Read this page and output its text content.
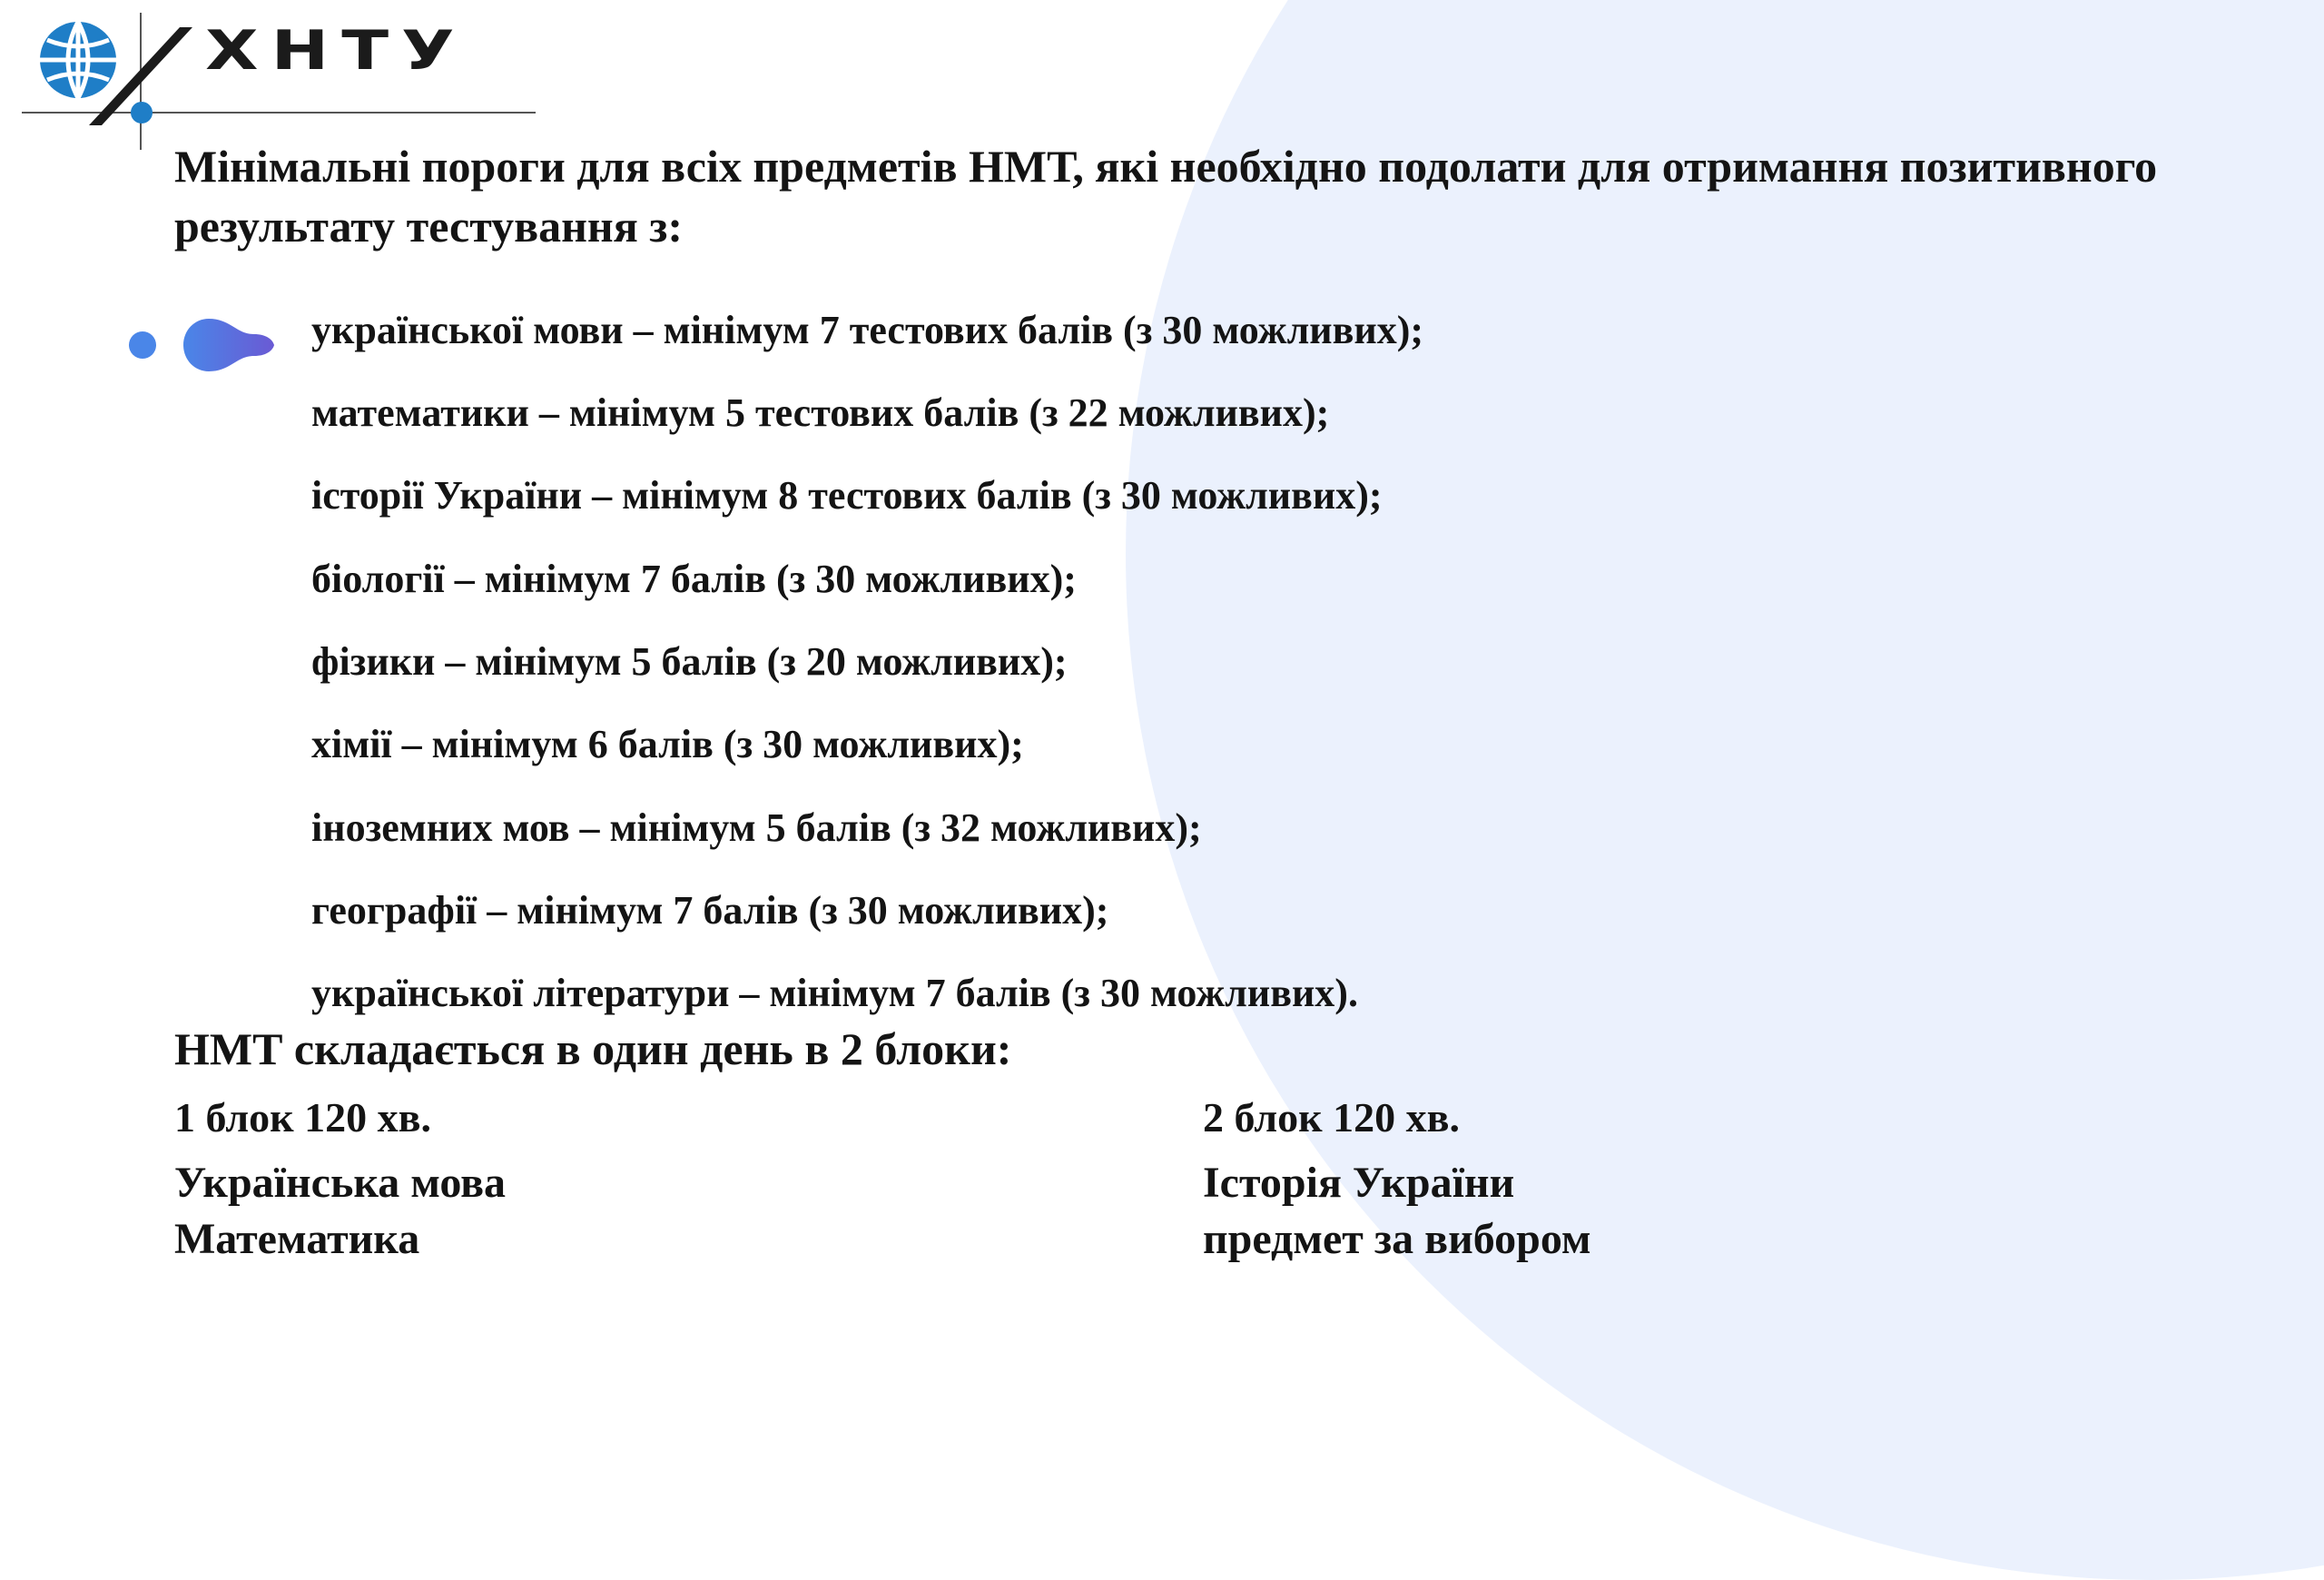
ХНТУ
Мінімальні пороги для всіх предметів НМТ, які необхідно подолати для отримання позитивного результату тестування з:
української мови – мінімум 7 тестових балів (з 30 можливих);
математики – мінімум 5 тестових балів (з 22 можливих);
історії України – мінімум 8 тестових балів (з 30 можливих);
біології – мінімум 7 балів (з 30 можливих);
фізики – мінімум 5 балів (з 20 можливих);
хімії – мінімум 6 балів (з 30 можливих);
іноземних мов – мінімум 5 балів (з 32 можливих);
географії – мінімум 7 балів (з 30 можливих);
української літератури – мінімум 7 балів (з 30 можливих).
НМТ складається в один день в 2 блоки:
1 блок 120 хв.
Українська мова
Математика
2 блок 120 хв.
Історія України
предмет за вибором
